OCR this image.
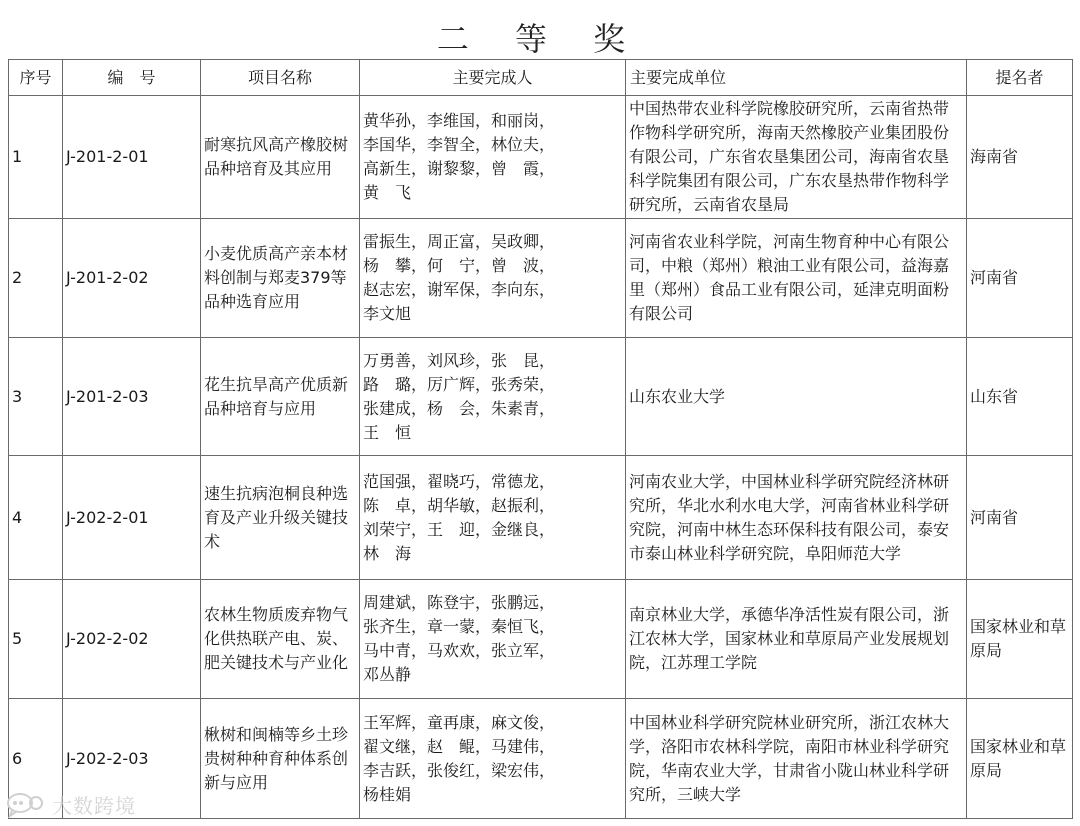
二 等 奖
序号	编　号	项目名称	主要完成人	主要完成单位	提名者
1	J-201-2-01	耐寒抗风高产橡胶树品种培育及其应用	黄华孙，李维国，和丽岗，
李国华，李智全，林位夫，
高新生，谢黎黎，曾　霞，
黄　飞	中国热带农业科学院橡胶研究所，云南省热带作物科学研究所，海南天然橡胶产业集团股份有限公司，广东省农垦集团公司，海南省农垦科学院集团有限公司，广东农垦热带作物科学研究所，云南省农垦局	海南省
2	J-201-2-02	小麦优质高产亲本材料创制与郑麦379等品种选育应用	雷振生，周正富，吴政卿，
杨　攀，何　宁，曾　波，
赵志宏，谢军保，李向东，
李文旭	河南省农业科学院，河南生物育种中心有限公司，中粮（郑州）粮油工业有限公司，益海嘉里（郑州）食品工业有限公司，延津克明面粉有限公司	河南省
3	J-201-2-03	花生抗旱高产优质新品种培育与应用	万勇善，刘风珍，张　昆，
路　璐，厉广辉，张秀荣，
张建成，杨　会，朱素青，
王　恒	山东农业大学	山东省
4	J-202-2-01	速生抗病泡桐良种选育及产业升级关键技术	范国强，翟晓巧，常德龙，
陈　卓，胡华敏，赵振利，
刘荣宁，王　迎，金继良，
林　海	河南农业大学，中国林业科学研究院经济林研究所，华北水利水电大学，河南省林业科学研究院，河南中林生态环保科技有限公司，泰安市泰山林业科学研究院，阜阳师范大学	河南省
5	J-202-2-02	农林生物质废弃物气化供热联产电、炭、肥关键技术与产业化	周建斌，陈登宇，张鹏远，
张齐生，章一蒙，秦恒飞，
马中青，马欢欢，张立军，
邓丛静	南京林业大学，承德华净活性炭有限公司，浙江农林大学，国家林业和草原局产业发展规划院，江苏理工学院	国家林业和草原局
6	J-202-2-03	楸树和闽楠等乡土珍贵树种种育种体系创新与应用	王军辉，童再康，麻文俊，
翟文继，赵　鲲，马建伟，
李吉跃，张俊红，梁宏伟，
杨桂娟	中国林业科学研究院林业研究所，浙江农林大学，洛阳市农林科学院，南阳市林业科学研究院，华南农业大学，甘肃省小陇山林业科学研究所，三峡大学	国家林业和草原局
大数跨境
